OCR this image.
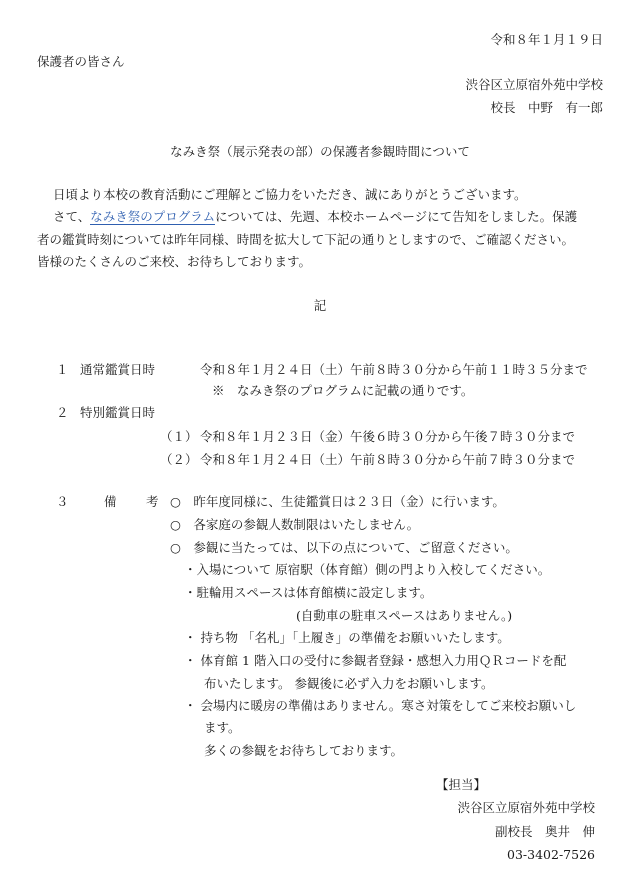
令和８年１月１９日
保護者の皆さん
渋谷区立原宿外苑中学校
校長　中野　有一郎
なみき祭（展示発表の部）の保護者参観時間について
日頃より本校の教育活動にご理解とご協力をいただき、誠にありがとうございます。
さて、なみき祭のプログラムについては、先週、本校ホームページにて告知をしました。保護
者の鑑賞時刻については昨年同様、時間を拡大して下記の通りとしますので、ご確認ください。
皆様のたくさんのご来校、お待ちしております。
記
１ 通常鑑賞日時	令和８年１月２４日（土）午前８時３０分から午前１１時３５分まで
※　なみき祭のプログラムに記載の通りです。
２ 特別鑑賞日時
（１） 令和８年１月２３日（金）午後６時３０分から午後７時３０分まで
（２） 令和８年１月２４日（土）午前８時３０分から午前７時３０分まで
３	備 考 ○　昨年度同様に、生徒鑑賞日は２３日（金）に行います。
○　各家庭の参観人数制限はいたしません。
○　参観に当たっては、以下の点について、ご留意ください。
・入場について 原宿駅（体育館）側の門より入校してください。
・駐輪用スペースは体育館横に設定します。
(自動車の駐車スペースはありません。)
・ 持ち物 「名札」「上履き」の準備をお願いいたします。
・ 体育館 1 階入口の受付に参観者登録・感想入力用ＱＲコードを配
布いたします。 参観後に必ず入力をお願いします。
・ 会場内に暖房の準備はありません。寒さ対策をしてご来校お願いし
ます。
多くの参観をお待ちしております。
【担当】
渋谷区立原宿外苑中学校
副校長　奥井　伸
03-3402-7526
